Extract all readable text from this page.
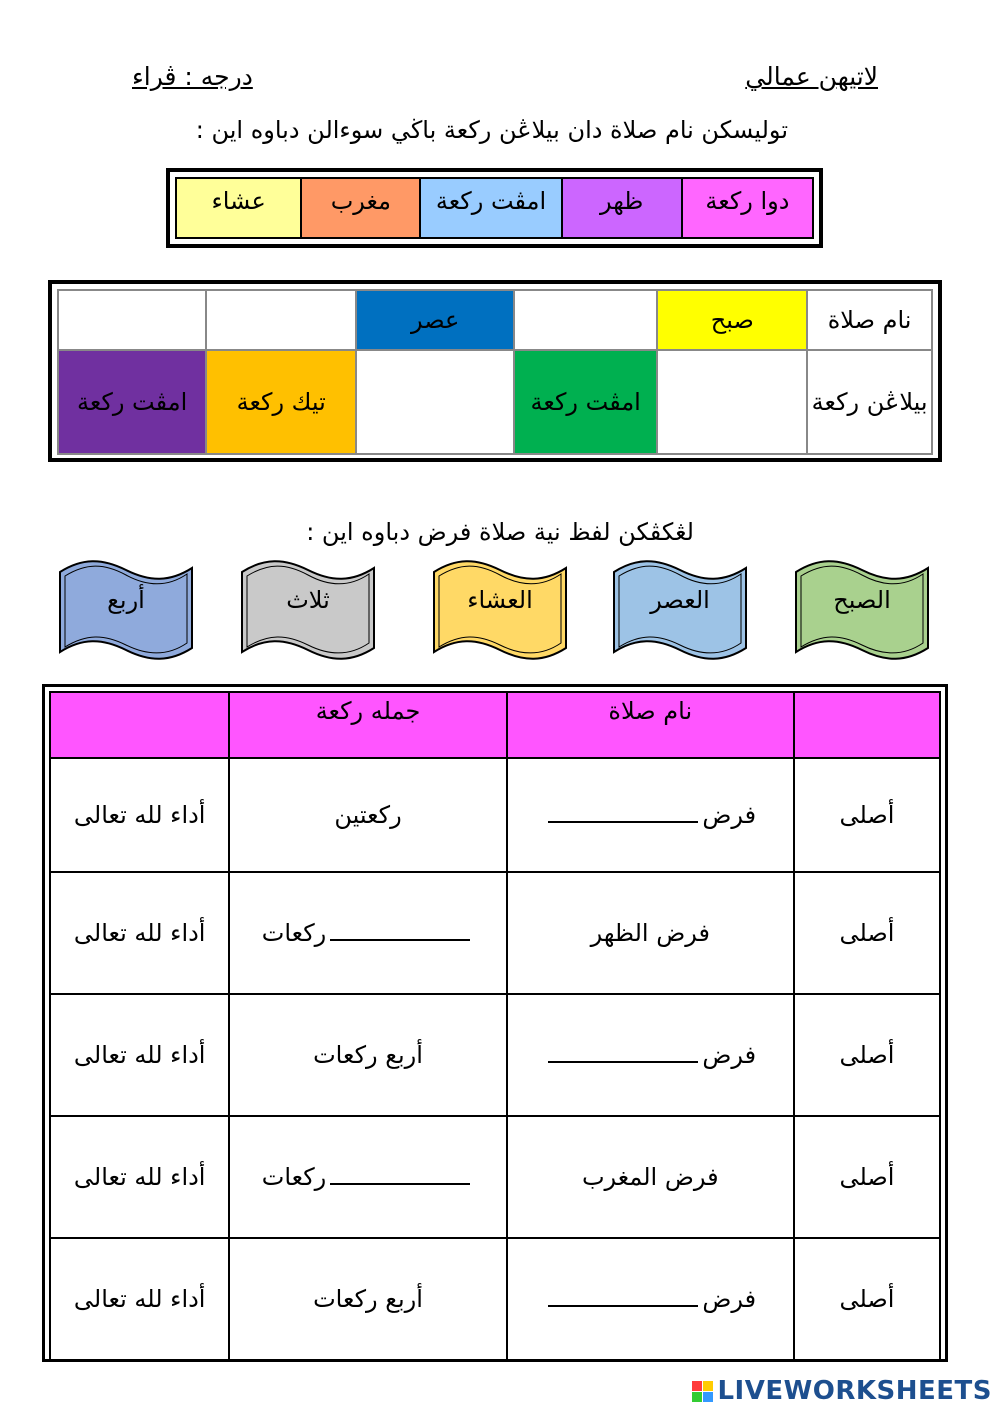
لاتيهن عمالي
درجه : ڤراء
توليسكن نام صلاة دان بيلاڠن ركعة باڬي سوءالن دباوه اين :
دوا ركعة
ظهر
امڤت ركعة
مغرب
عشاء
نام صلاة	صبح		عصر		
بيلاڠن ركعة		امڤت ركعة		تيك ركعة	امڤت ركعة
لڠكڤكن لفظ نية صلاة فرض دباوه اين :
الصبح
العصر
العشاء
ثلاث
أربع
	نام صلاة	جمله ركعة	
أصلى	فرض	ركعتين	أداء لله تعالى
أصلى	فرض الظهر	ركعات	أداء لله تعالى
أصلى	فرض	أربع ركعات	أداء لله تعالى
أصلى	فرض المغرب	ركعات	أداء لله تعالى
أصلى	فرض	أربع ركعات	أداء لله تعالى
LIVEWORKSHEETS
